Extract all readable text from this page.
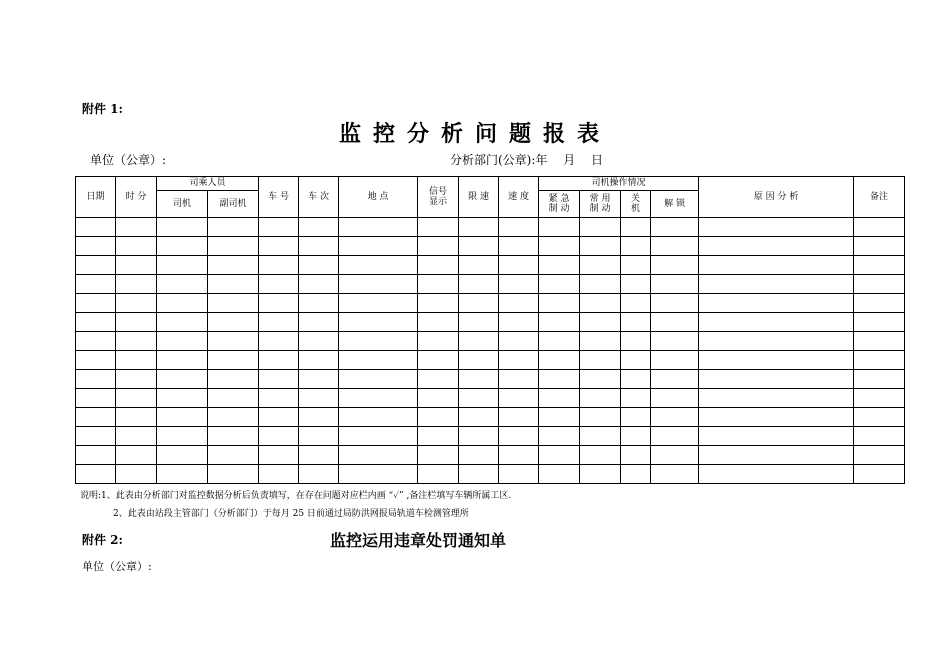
附件 1:
监控分析问题报表
单位（公章）:	分析部门(公章):年　 月　 日
日期	时 分	司乘人员		车 号	车 次	地 点	信号显示	限 速	速 度	司机操作情况				原 因 分 析	备注
		司机	副司机							紧 急 制 动	常 用 制 动	关 机	解 锁		

说明:1、此表由分析部门对监控数据分析后负责填写，在存在问题对应栏内画 “✓” ,备注栏填写车辆所属工区.
2、此表由站段主管部门（分析部门）于每月 25 日前通过局防洪网报局轨道车检测管理所
附件 2:	监控运用违章处罚通知单
单位（公章）:
